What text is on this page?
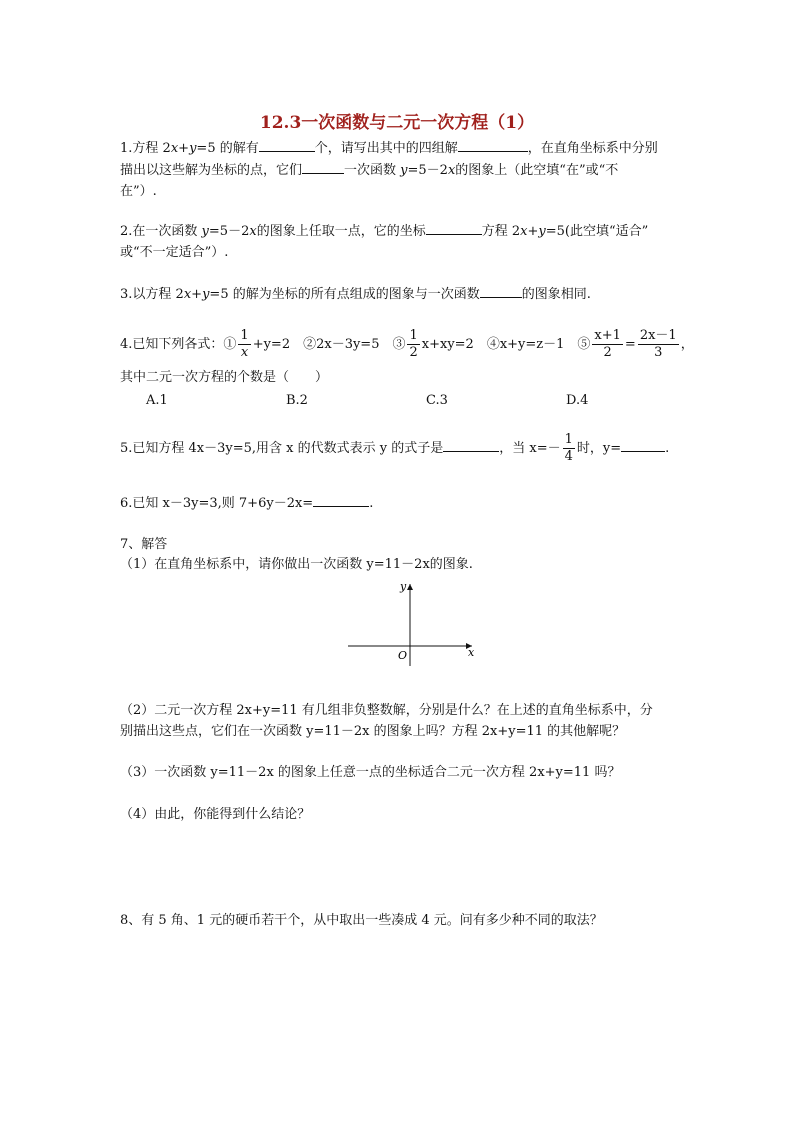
12.3一次函数与二元一次方程（1）
1.方程 2x+y=5 的解有	个，请写出其中的四组解	，在直角坐标系中分别
描出以这些解为坐标的点，它们	一次函数 y=5－2x的图象上（此空填“在”或“不
在”）.
2.在一次函数 y=5－2x的图象上任取一点，它的坐标	方程 2x+y=5(此空填“适合”
或“不一定适合”）.
3.以方程 2x+y=5 的解为坐标的所有点组成的图象与一次函数	的图象相同.
4.已知下列各式：① $\frac{1}{x} +y=2$　②2x－3y=5　③ $\frac{1}{2} x+xy=2$　④x+y=z－1　⑤ $\frac{x+1}{2} = \frac{2x-1}{3}$ ，
其中二元一次方程的个数是（　　）
A.1	B.2	C.3	D.4
5.已知方程 4x－3y=5,用含 x 的代数式表示 y 的式子是	，当 $x=- \frac{1}{4}$ 时，y=	.
6.已知 x－3y=3,则 7+6y－2x=	.
7、解答
（1）在直角坐标系中，请你做出一次函数 y=11－2x的图象.
y
x
O
（2）二元一次方程 2x+y=11 有几组非负整数解，分别是什么？在上述的直角坐标系中，分
别描出这些点，它们在一次函数 y=11－2x 的图象上吗？方程 2x+y=11 的其他解呢？
（3）一次函数 y=11－2x 的图象上任意一点的坐标适合二元一次方程 2x+y=11 吗？
（4）由此，你能得到什么结论？
8、有 5 角、1 元的硬币若干个，从中取出一些凑成 4 元。问有多少种不同的取法？
